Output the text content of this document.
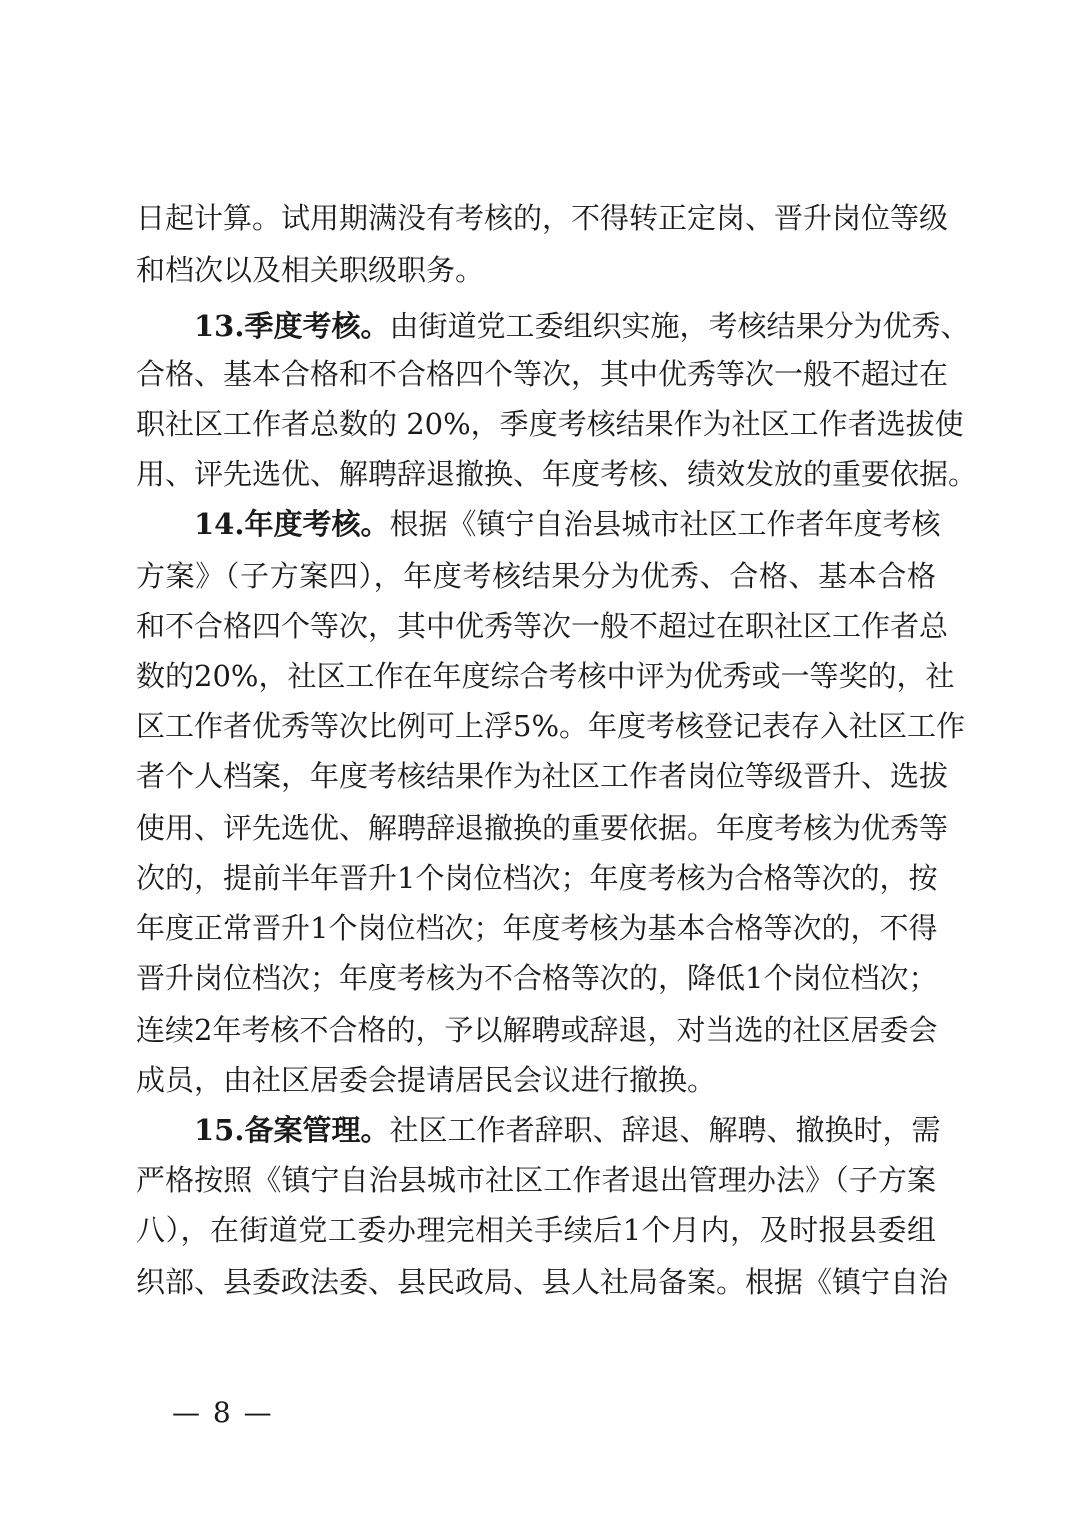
日起计算。试用期满没有考核的，不得转正定岗、晋升岗位等级
和档次以及相关职级职务。
13.季度考核。由街道党工委组织实施，考核结果分为优秀、
合格、基本合格和不合格四个等次，其中优秀等次一般不超过在
职社区工作者总数的 20%，季度考核结果作为社区工作者选拔使
用、评先选优、解聘辞退撤换、年度考核、绩效发放的重要依据。
14.年度考核。根据《镇宁自治县城市社区工作者年度考核
方案》（子方案四），年度考核结果分为优秀、合格、基本合格
和不合格四个等次，其中优秀等次一般不超过在职社区工作者总
数的20%，社区工作在年度综合考核中评为优秀或一等奖的，社
区工作者优秀等次比例可上浮5%。年度考核登记表存入社区工作
者个人档案，年度考核结果作为社区工作者岗位等级晋升、选拔
使用、评先选优、解聘辞退撤换的重要依据。年度考核为优秀等
次的，提前半年晋升1个岗位档次；年度考核为合格等次的，按
年度正常晋升1个岗位档次；年度考核为基本合格等次的，不得
晋升岗位档次；年度考核为不合格等次的，降低1个岗位档次；
连续2年考核不合格的，予以解聘或辞退，对当选的社区居委会
成员，由社区居委会提请居民会议进行撤换。
15.备案管理。社区工作者辞职、辞退、解聘、撤换时，需
严格按照《镇宁自治县城市社区工作者退出管理办法》（子方案
八），在街道党工委办理完相关手续后1个月内，及时报县委组
织部、县委政法委、县民政局、县人社局备案。根据《镇宁自治
— 8 —
